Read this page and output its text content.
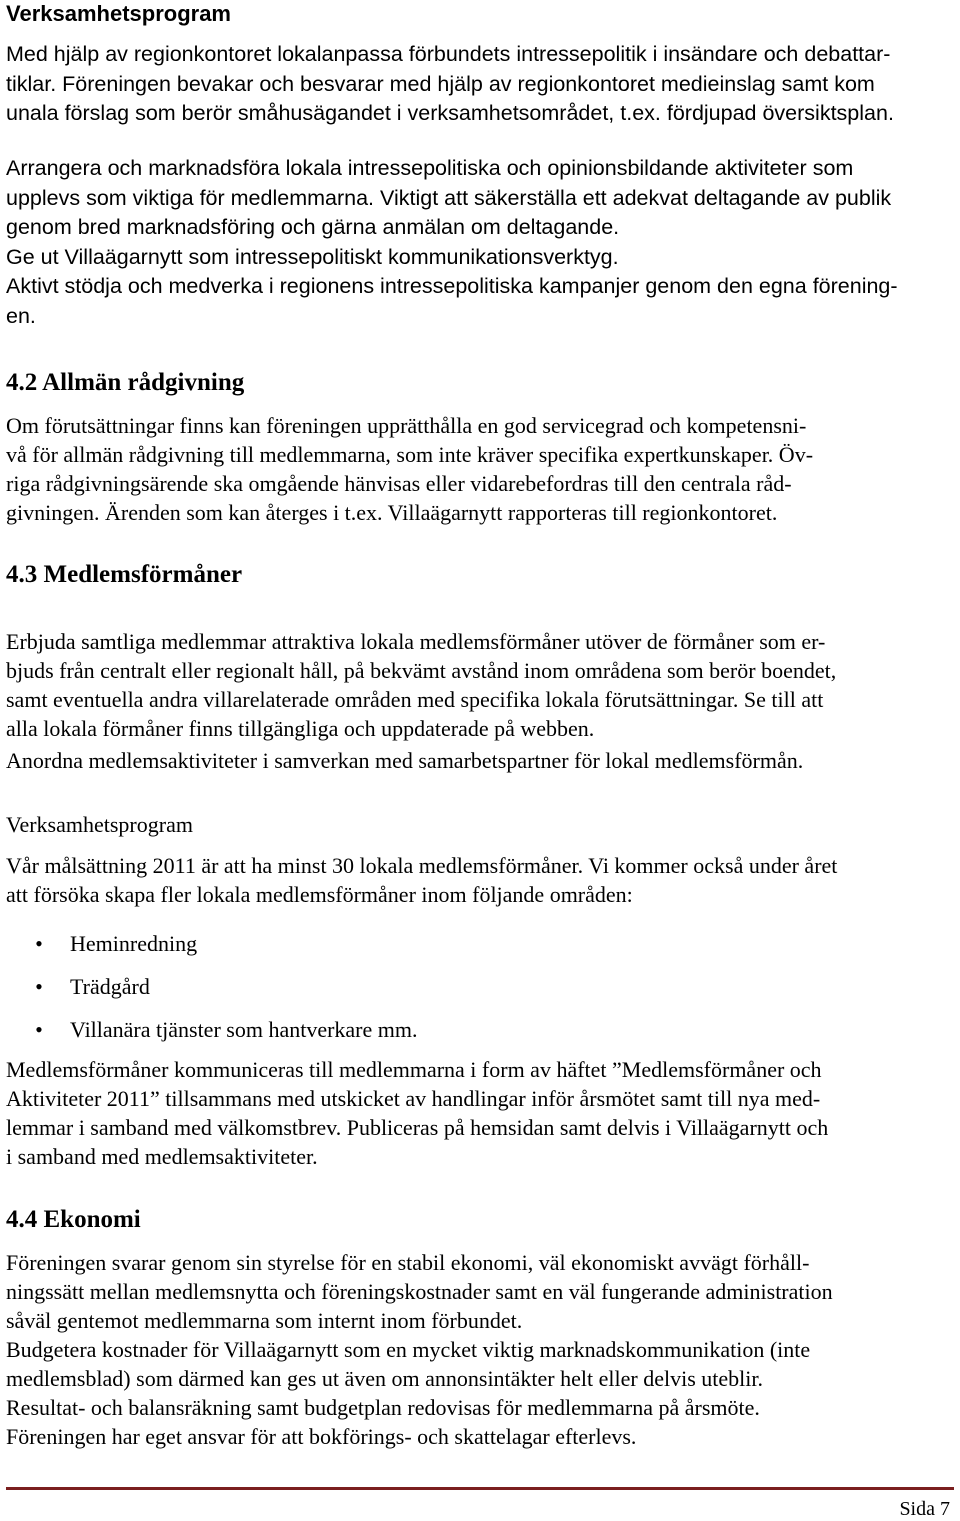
Verksamhetsprogram
Med hjälp av regionkontoret lokalanpassa förbundets intressepolitik i insändare och debattar-
tiklar. Föreningen bevakar och besvarar med hjälp av regionkontoret medieinslag samt kom
unala förslag som berör småhusägandet i verksamhetsområdet, t.ex. fördjupad översiktsplan.
Arrangera och marknadsföra lokala intressepolitiska och opinionsbildande aktiviteter som
upplevs som viktiga för medlemmarna. Viktigt att säkerställa ett adekvat deltagande av publik
genom bred marknadsföring och gärna anmälan om deltagande.
Ge ut Villaägarnytt som intressepolitiskt kommunikationsverktyg.
Aktivt stödja och medverka i regionens intressepolitiska kampanjer genom den egna förening-
en.
4.2 Allmän rådgivning
Om förutsättningar finns kan föreningen upprätthålla en god servicegrad och kompetensni-
vå för allmän rådgivning till medlemmarna, som inte kräver specifika expertkunskaper. Öv-
riga rådgivningsärende ska omgående hänvisas eller vidarebefordras till den centrala råd-
givningen. Ärenden som kan återges i t.ex. Villaägarnytt rapporteras till regionkontoret.
4.3 Medlemsförmåner
Erbjuda samtliga medlemmar attraktiva lokala medlemsförmåner utöver de förmåner som er-
bjuds från centralt eller regionalt håll, på bekvämt avstånd inom områdena som berör boendet,
samt eventuella andra villarelaterade områden med specifika lokala förutsättningar. Se till att
alla lokala förmåner finns tillgängliga och uppdaterade på webben.
Anordna medlemsaktiviteter i samverkan med samarbetspartner för lokal medlemsförmån.
Verksamhetsprogram
Vår målsättning 2011 är att ha minst 30 lokala medlemsförmåner. Vi kommer också under året
att försöka skapa fler lokala medlemsförmåner inom följande områden:
• Heminredning
• Trädgård
• Villanära tjänster som hantverkare mm.
Medlemsförmåner kommuniceras till medlemmarna i form av häftet ”Medlemsförmåner och
Aktiviteter 2011” tillsammans med utskicket av handlingar inför årsmötet samt till nya med-
lemmar i samband med välkomstbrev. Publiceras på hemsidan samt delvis i Villaägarnytt och
i samband med medlemsaktiviteter.
4.4 Ekonomi
Föreningen svarar genom sin styrelse för en stabil ekonomi, väl ekonomiskt avvägt förhåll-
ningssätt mellan medlemsnytta och föreningskostnader samt en väl fungerande administration
såväl gentemot medlemmarna som internt inom förbundet.
Budgetera kostnader för Villaägarnytt som en mycket viktig marknadskommunikation (inte
medlemsblad) som därmed kan ges ut även om annonsintäkter helt eller delvis uteblir.
Resultat- och balansräkning samt budgetplan redovisas för medlemmarna på årsmöte.
Föreningen har eget ansvar för att bokförings- och skattelagar efterlevs.
Sida 7
